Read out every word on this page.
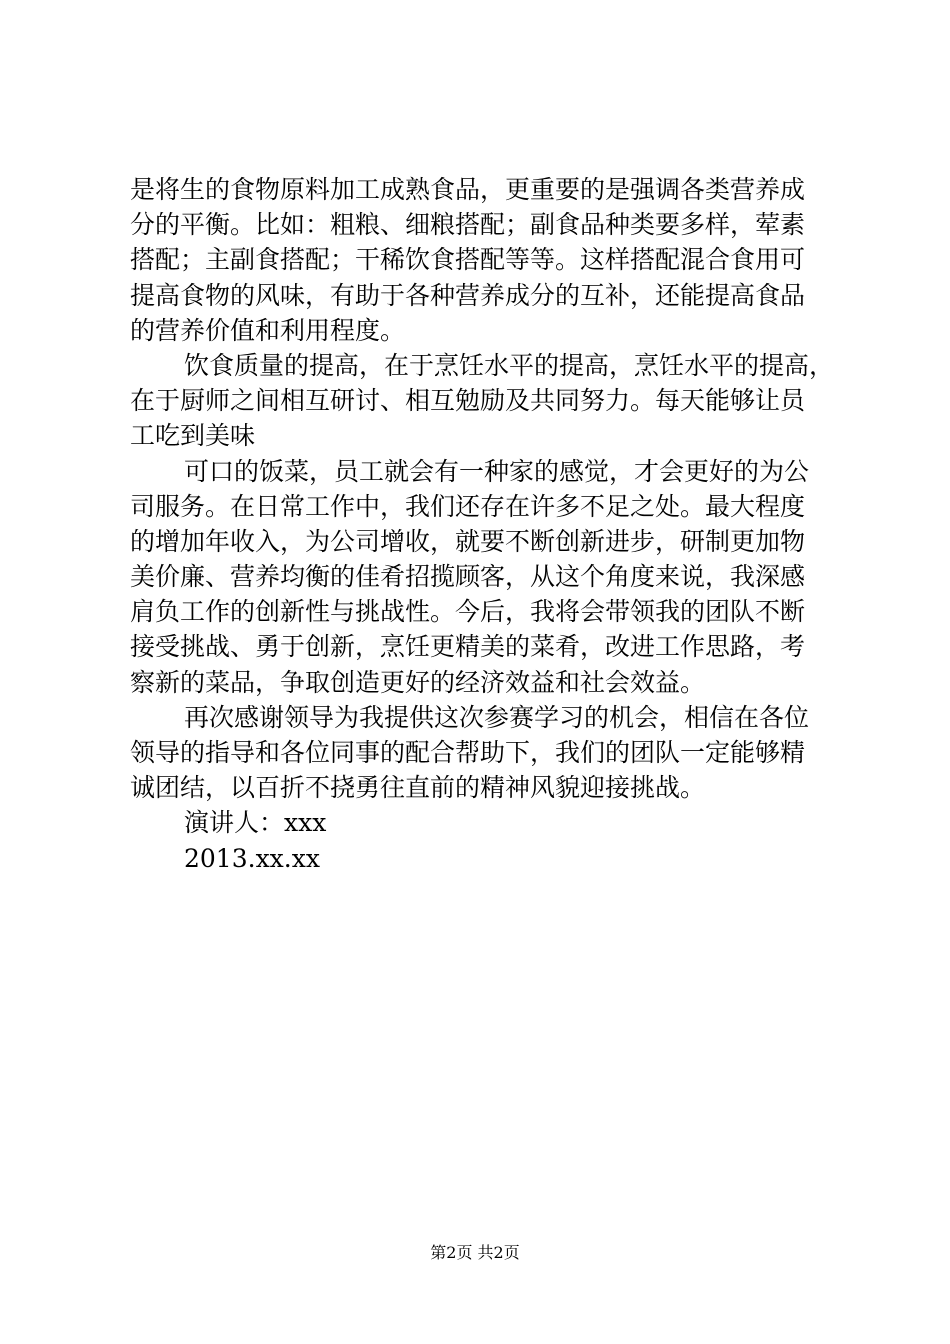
是将生的食物原料加工成熟食品，更重要的是强调各类营养成
分的平衡。比如：粗粮、细粮搭配；副食品种类要多样，荤素
搭配；主副食搭配；干稀饮食搭配等等。这样搭配混合食用可
提高食物的风味，有助于各种营养成分的互补，还能提高食品
的营养价值和利用程度。
饮食质量的提高，在于烹饪水平的提高，烹饪水平的提高，
在于厨师之间相互研讨、相互勉励及共同努力。每天能够让员
工吃到美味
可口的饭菜，员工就会有一种家的感觉，才会更好的为公
司服务。在日常工作中，我们还存在许多不足之处。最大程度
的增加年收入，为公司增收，就要不断创新进步，研制更加物
美价廉、营养均衡的佳肴招揽顾客，从这个角度来说，我深感
肩负工作的创新性与挑战性。今后，我将会带领我的团队不断
接受挑战、勇于创新，烹饪更精美的菜肴，改进工作思路，考
察新的菜品，争取创造更好的经济效益和社会效益。
再次感谢领导为我提供这次参赛学习的机会，相信在各位
领导的指导和各位同事的配合帮助下，我们的团队一定能够精
诚团结，以百折不挠勇往直前的精神风貌迎接挑战。
演讲人：xxx
2013.xx.xx
第2页 共2页
